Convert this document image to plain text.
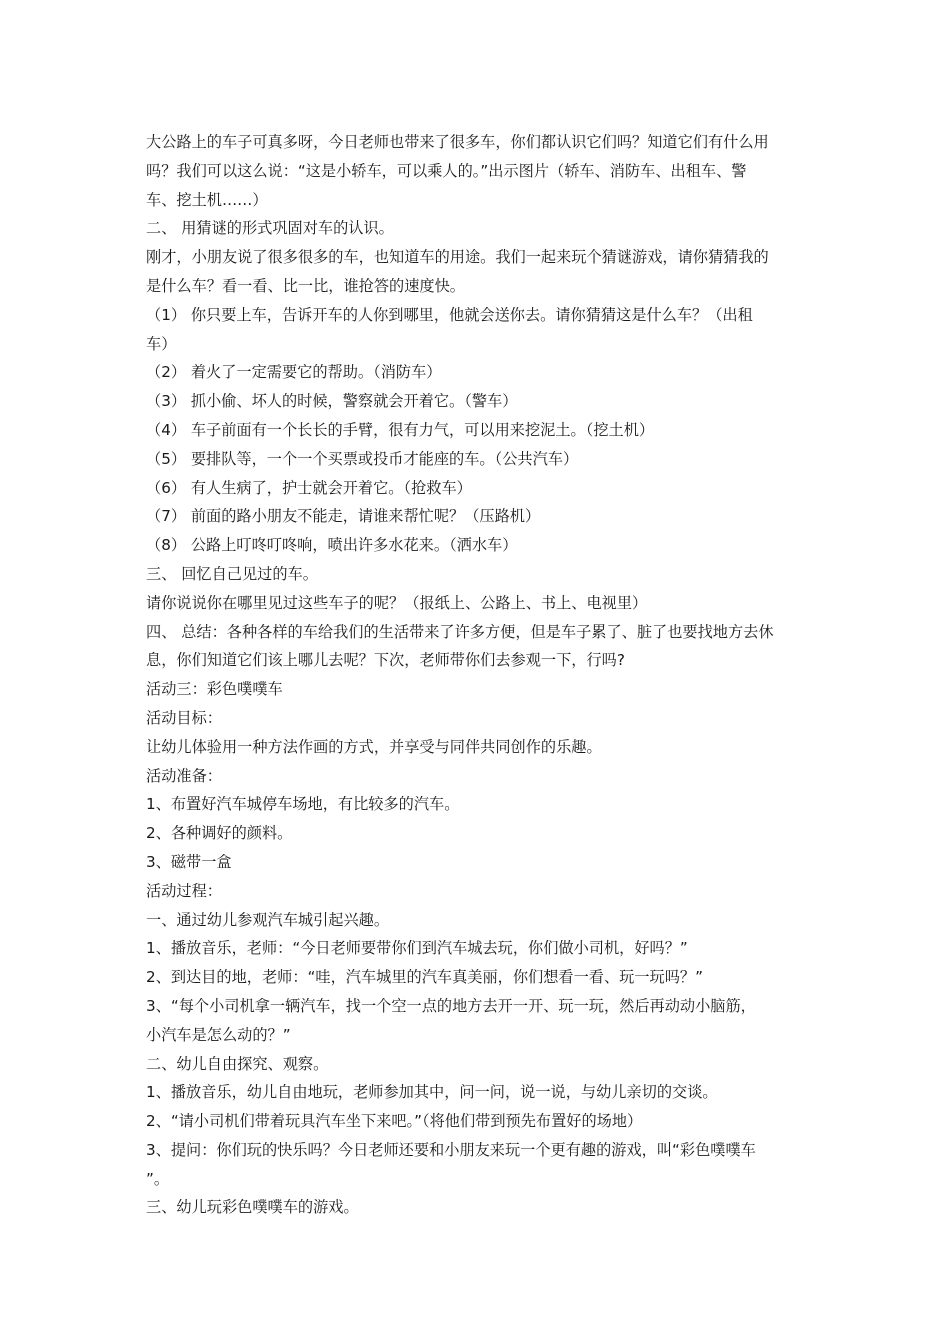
大公路上的车子可真多呀，今日老师也带来了很多车，你们都认识它们吗？知道它们有什么用

吗？我们可以这么说：“这是小轿车，可以乘人的。”出示图片（轿车、消防车、出租车、警

车、挖土机……）

二、 用猜谜的形式巩固对车的认识。

刚才，小朋友说了很多很多的车，也知道车的用途。我们一起来玩个猜谜游戏，请你猜猜我的

是什么车？看一看、比一比，谁抢答的速度快。

（1） 你只要上车，告诉开车的人你到哪里，他就会送你去。请你猜猜这是什么车？（出租

车）

（2） 着火了一定需要它的帮助。（消防车）

（3） 抓小偷、坏人的时候，警察就会开着它。（警车）

（4） 车子前面有一个长长的手臂，很有力气，可以用来挖泥土。（挖土机）

（5） 要排队等，一个一个买票或投币才能座的车。（公共汽车）

（6） 有人生病了，护士就会开着它。（抢救车）

（7） 前面的路小朋友不能走，请谁来帮忙呢？（压路机）

（8） 公路上叮咚叮咚响，喷出许多水花来。（洒水车）

三、 回忆自己见过的车。

请你说说你在哪里见过这些车子的呢？（报纸上、公路上、书上、电视里）

四、 总结：各种各样的车给我们的生活带来了许多方便，但是车子累了、脏了也要找地方去休

息，你们知道它们该上哪儿去呢？下次，老师带你们去参观一下，行吗?

活动三：彩色噗噗车

活动目标：

让幼儿体验用一种方法作画的方式，并享受与同伴共同创作的乐趣。

活动准备：

1、布置好汽车城停车场地，有比较多的汽车。

2、各种调好的颜料。

3、磁带一盒

活动过程：

一、通过幼儿参观汽车城引起兴趣。

1、播放音乐，老师：“今日老师要带你们到汽车城去玩，你们做小司机，好吗？”

2、到达目的地，老师：“哇，汽车城里的汽车真美丽，你们想看一看、玩一玩吗？”

3、“每个小司机拿一辆汽车，找一个空一点的地方去开一开、玩一玩，然后再动动小脑筋，

小汽车是怎么动的？”

二、幼儿自由探究、观察。

1、播放音乐，幼儿自由地玩，老师参加其中，问一问，说一说，与幼儿亲切的交谈。

2、“请小司机们带着玩具汽车坐下来吧。”（将他们带到预先布置好的场地）

3、提问：你们玩的快乐吗？今日老师还要和小朋友来玩一个更有趣的游戏，叫“彩色噗噗车

”。

三、幼儿玩彩色噗噗车的游戏。
